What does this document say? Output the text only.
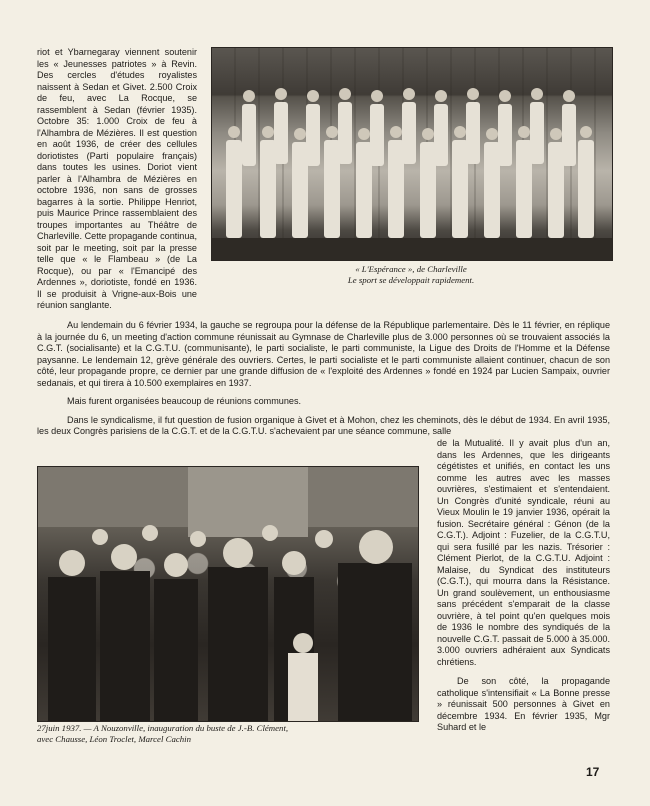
riot et Ybarnegaray viennent soutenir les « Jeunesses patriotes » à Revin. Des cercles d'études royalistes naissent à Sedan et Givet. 2.500 Croix de feu, avec La Rocque, se rassemblent à Sedan (février 1935). Octobre 35: 1.000 Croix de feu à l'Alhambra de Mézières. Il est question en août 1936, de créer des cellules doriotistes (Parti populaire français) dans toutes les usines. Doriot vient parler à l'Alhambra de Mézières en octobre 1936, non sans de grosses bagarres à la sortie. Philippe Henriot, puis Maurice Prince rassemblaient des troupes importantes au Théâtre de Charleville. Cette propagande continua, soit par le meeting, soit par la presse telle que « le Flambeau » (de La Rocque), ou par « l'Emancipé des Ardennes », doriotiste, fondé en 1936. Il se produisit à Vrigne-aux-Bois une réunion sanglante.

« L'Espérance », de Charleville
Le sport se développait rapidement.

Au lendemain du 6 février 1934, la gauche se regroupa pour la défense de la République parlementaire. Dès le 11 février, en réplique à la journée du 6, un meeting d'action commune réunissait au Gymnase de Charleville plus de 3.000 personnes où se trouvaient associés la C.G.T. (socialisante) et la C.G.T.U. (communisante), le parti socialiste, le parti communiste, la Ligue des Droits de l'Homme et la Défense paysanne. Le lendemain 12, grève générale des ouvriers. Certes, le parti socialiste et le parti communiste allaient continuer, chacun de son côté, leur propagande propre, ce dernier par une grande diffusion de « l'exploité des Ardennes » fondé en 1924 par Lucien Sampaix, ouvrier sedanais, et qui tirera à 10.500 exemplaires en 1937.

Mais furent organisées beaucoup de réunions communes.

Dans le syndicalisme, il fut question de fusion organique à Givet et à Mohon, chez les cheminots, dès le début de 1934. En avril 1935, les deux Congrès parisiens de la C.G.T. et de la C.G.T.U. s'achevaient par une séance commune, salle

27juin 1937. — A Nouzonville, inauguration du buste de J.-B. Clément,
avec Chausse, Léon Troclet, Marcel Cachin

de la Mutualité. Il y avait plus d'un an, dans les Ardennes, que les dirigeants cégétistes et unifiés, en contact les uns comme les autres avec les masses ouvrières, s'estimaient et s'entendaient. Un Congrès d'unité syndicale, réuni au Vieux Moulin le 19 janvier 1936, opérait la fusion. Secrétaire général : Génon (de la C.G.T.). Adjoint : Fuzelier, de la C.G.T.U, qui sera fusillé par les nazis. Trésorier : Clément Pierlot, de la C.G.T.U. Adjoint : Malaise, du Syndicat des instituteurs (C.G.T.), qui mourra dans la Résistance. Un grand soulèvement, un enthousiasme sans précédent s'emparait de la classe ouvrière, à tel point qu'en quelques mois de 1936 le nombre des syndiqués de la nouvelle C.G.T. passait de 5.000 à 35.000. 3.000 ouvriers adhéraient aux Syndicats chrétiens.

De son côté, la propagande catholique s'intensifiait « La Bonne presse » réunissait 500 personnes à Givet en décembre 1934. En février 1935, Mgr Suhard et le

17
